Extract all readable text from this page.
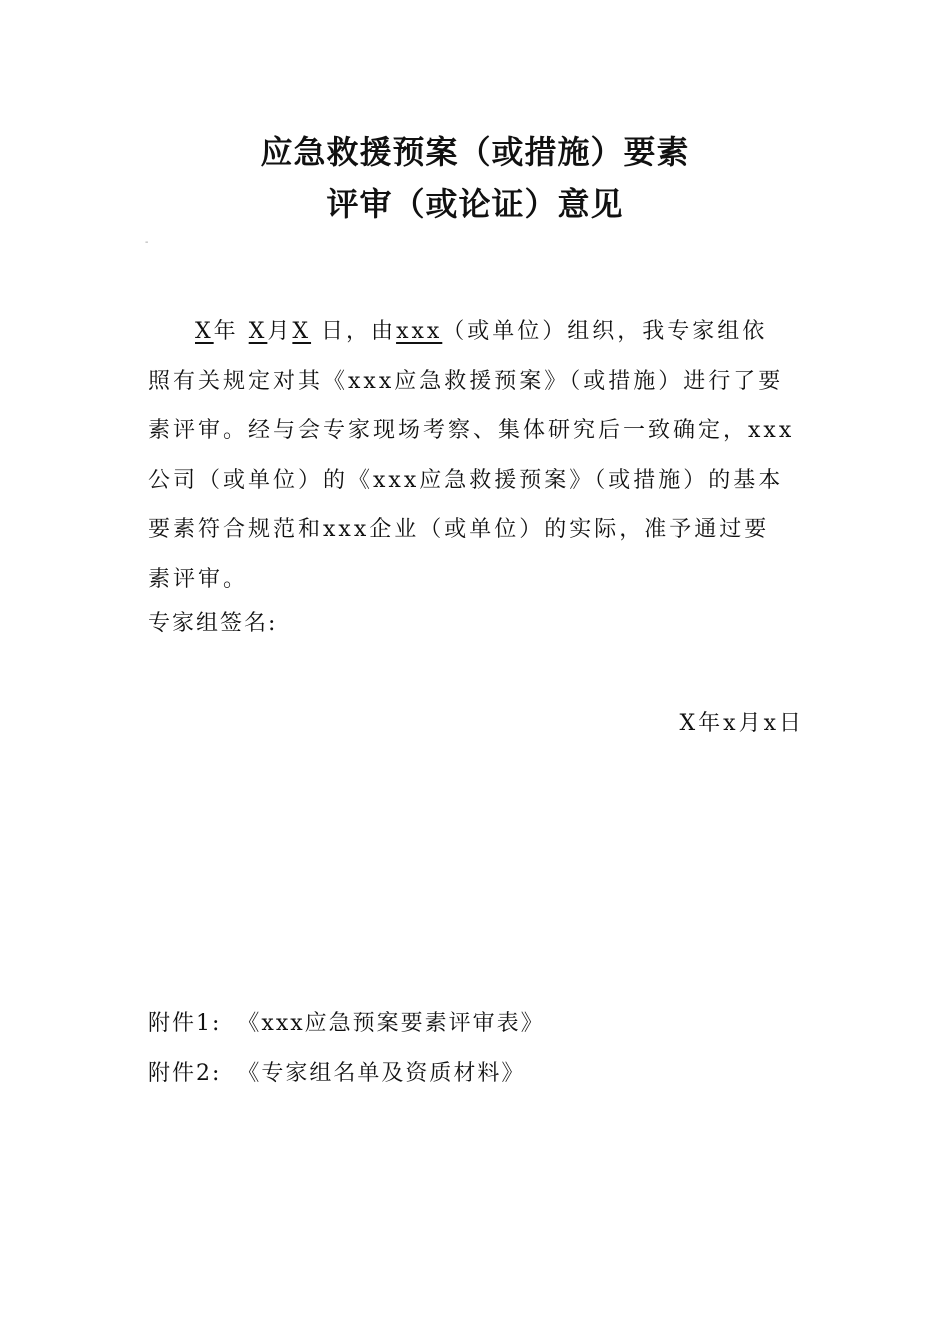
应急救援预案（或措施）要素
评审（或论证）意见
-
X年 X月X 日，由xxx（或单位）组织，我专家组依
照有关规定对其《xxx应急救援预案》（或措施）进行了要
素评审。经与会专家现场考察、集体研究后一致确定，xxx
公司（或单位）的《xxx应急救援预案》（或措施）的基本
要素符合规范和xxx企业（或单位）的实际，准予通过要
素评审。
专家组签名:
X年x月x日
附件1: 《xxx应急预案要素评审表》
附件2: 《专家组名单及资质材料》
